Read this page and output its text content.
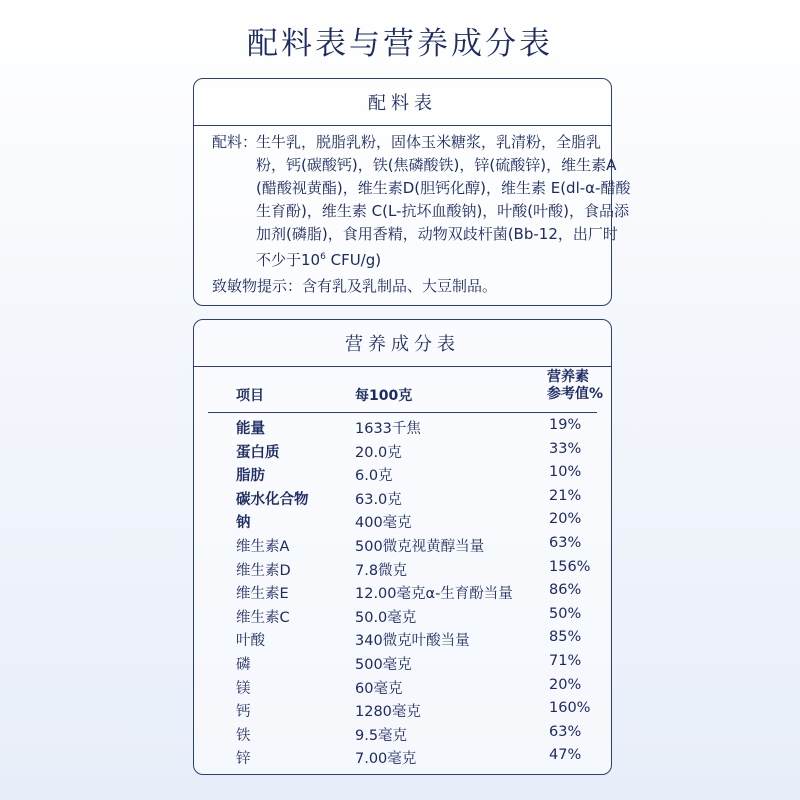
配料表与营养成分表
配料表
配料：
生牛乳，脱脂乳粉，固体玉米糖浆，乳清粉，全脂乳
粉，钙(碳酸钙)，铁(焦磷酸铁)，锌(硫酸锌)，维生素A
(醋酸视黄酯)，维生素D(胆钙化醇)，维生素 E(dl-α-醋酸
生育酚)，维生素 C(L-抗坏血酸钠)，叶酸(叶酸)，食品添
加剂(磷脂)，食用香精，动物双歧杆菌(Bb-12，出厂时
不少于$10^6$ CFU/g)
致敏物提示：含有乳及乳制品、大豆制品。
营养成分表
项目	每100克
营养素
参考值%
能量	1633千焦	19%
蛋白质	20.0克	33%
脂肪	6.0克	10%
碳水化合物	63.0克	21%
钠	400毫克	20%
维生素A	500微克视黄醇当量	63%
维生素D	7.8微克	156%
维生素E	12.00毫克α-生育酚当量 86%
维生素C	50.0毫克	50%
叶酸	340微克叶酸当量	85%
磷	500毫克	71%
镁	60毫克	20%
钙	1280毫克	160%
铁	9.5毫克	63%
锌	7.00毫克	47%
